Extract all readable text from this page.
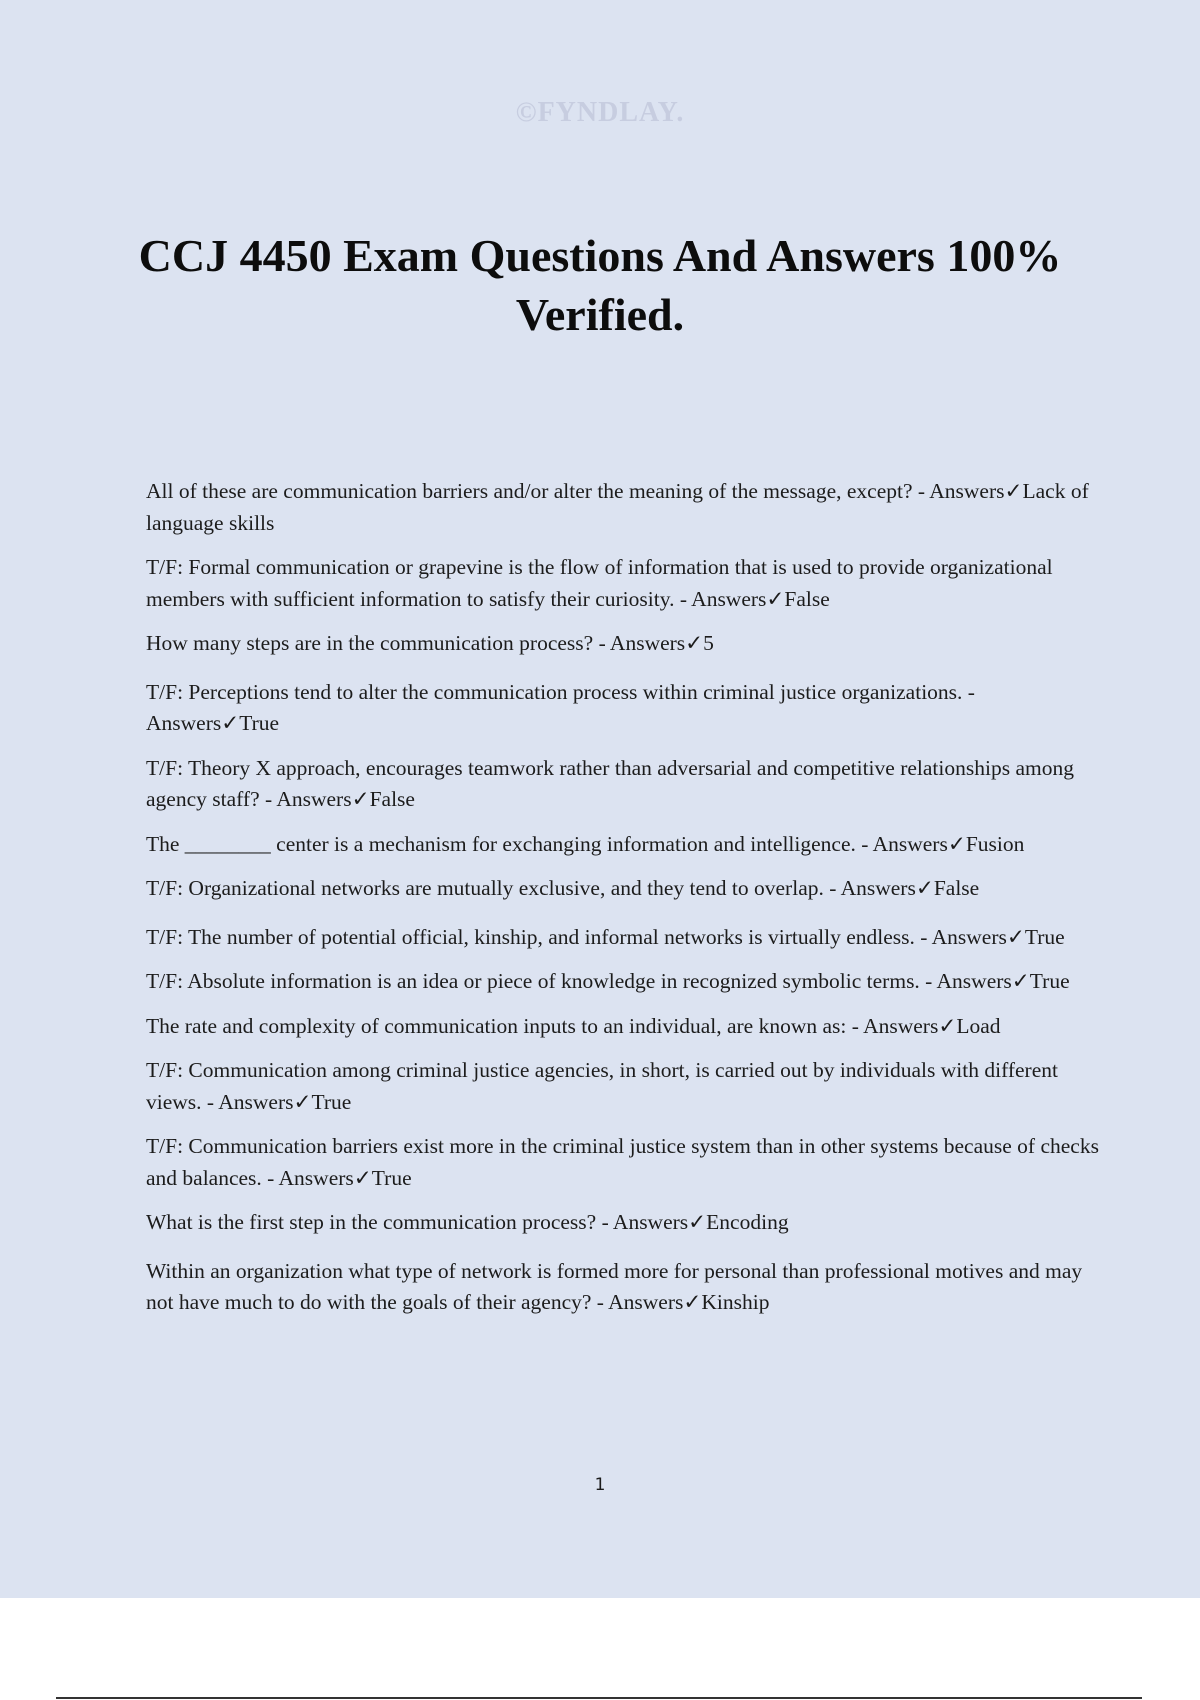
©FYNDLAY.
CCJ 4450 Exam Questions And Answers 100% Verified.
All of these are communication barriers and/or alter the meaning of the message, except? - Answers✓Lack of language skills
T/F: Formal communication or grapevine is the flow of information that is used to provide organizational members with sufficient information to satisfy their curiosity. - Answers✓False
How many steps are in the communication process? - Answers✓5
T/F: Perceptions tend to alter the communication process within criminal justice organizations. - Answers✓True
T/F: Theory X approach, encourages teamwork rather than adversarial and competitive relationships among agency staff? - Answers✓False
The ________ center is a mechanism for exchanging information and intelligence. - Answers✓Fusion
T/F: Organizational networks are mutually exclusive, and they tend to overlap. - Answers✓False
T/F: The number of potential official, kinship, and informal networks is virtually endless. - Answers✓True
T/F: Absolute information is an idea or piece of knowledge in recognized symbolic terms. - Answers✓True
The rate and complexity of communication inputs to an individual, are known as: - Answers✓Load
T/F: Communication among criminal justice agencies, in short, is carried out by individuals with different views. - Answers✓True
T/F: Communication barriers exist more in the criminal justice system than in other systems because of checks and balances. - Answers✓True
What is the first step in the communication process? - Answers✓Encoding
Within an organization what type of network is formed more for personal than professional motives and may not have much to do with the goals of their agency? - Answers✓Kinship
1
